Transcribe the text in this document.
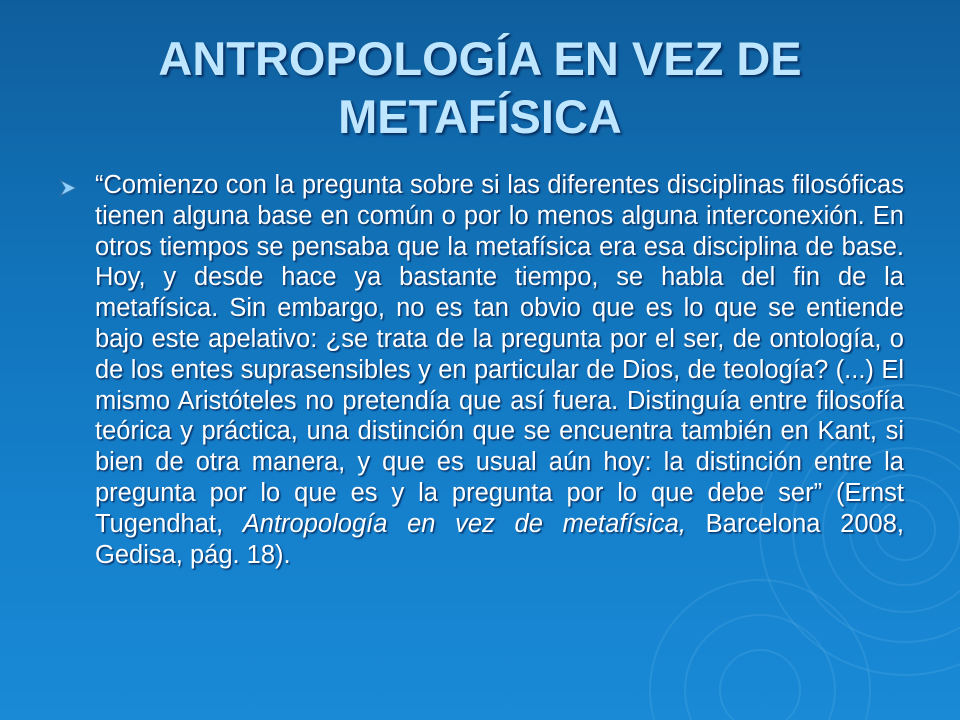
ANTROPOLOGÍA EN VEZ DE
METAFÍSICA
“Comienzo con la pregunta sobre si las diferentes disciplinas filosóficas tienen alguna base en común o por lo menos alguna interconexión. En otros tiempos se pensaba que la metafísica era esa disciplina de base. Hoy, y desde hace ya bastante tiempo, se habla del fin de la metafísica. Sin embargo, no es tan obvio que es lo que se entiende bajo este apelativo: ¿se trata de la pregunta por el ser, de ontología, o de los entes suprasensibles y en particular de Dios, de teología? (...) El mismo Aristóteles no pretendía que así fuera. Distinguía entre filosofía teórica y práctica, una distinción que se encuentra también en Kant, si bien de otra manera, y que es usual aún hoy: la distinción entre la pregunta por lo que es y la pregunta por lo que debe ser” (Ernst Tugendhat, Antropología en vez de metafísica, Barcelona 2008, Gedisa, pág. 18).
